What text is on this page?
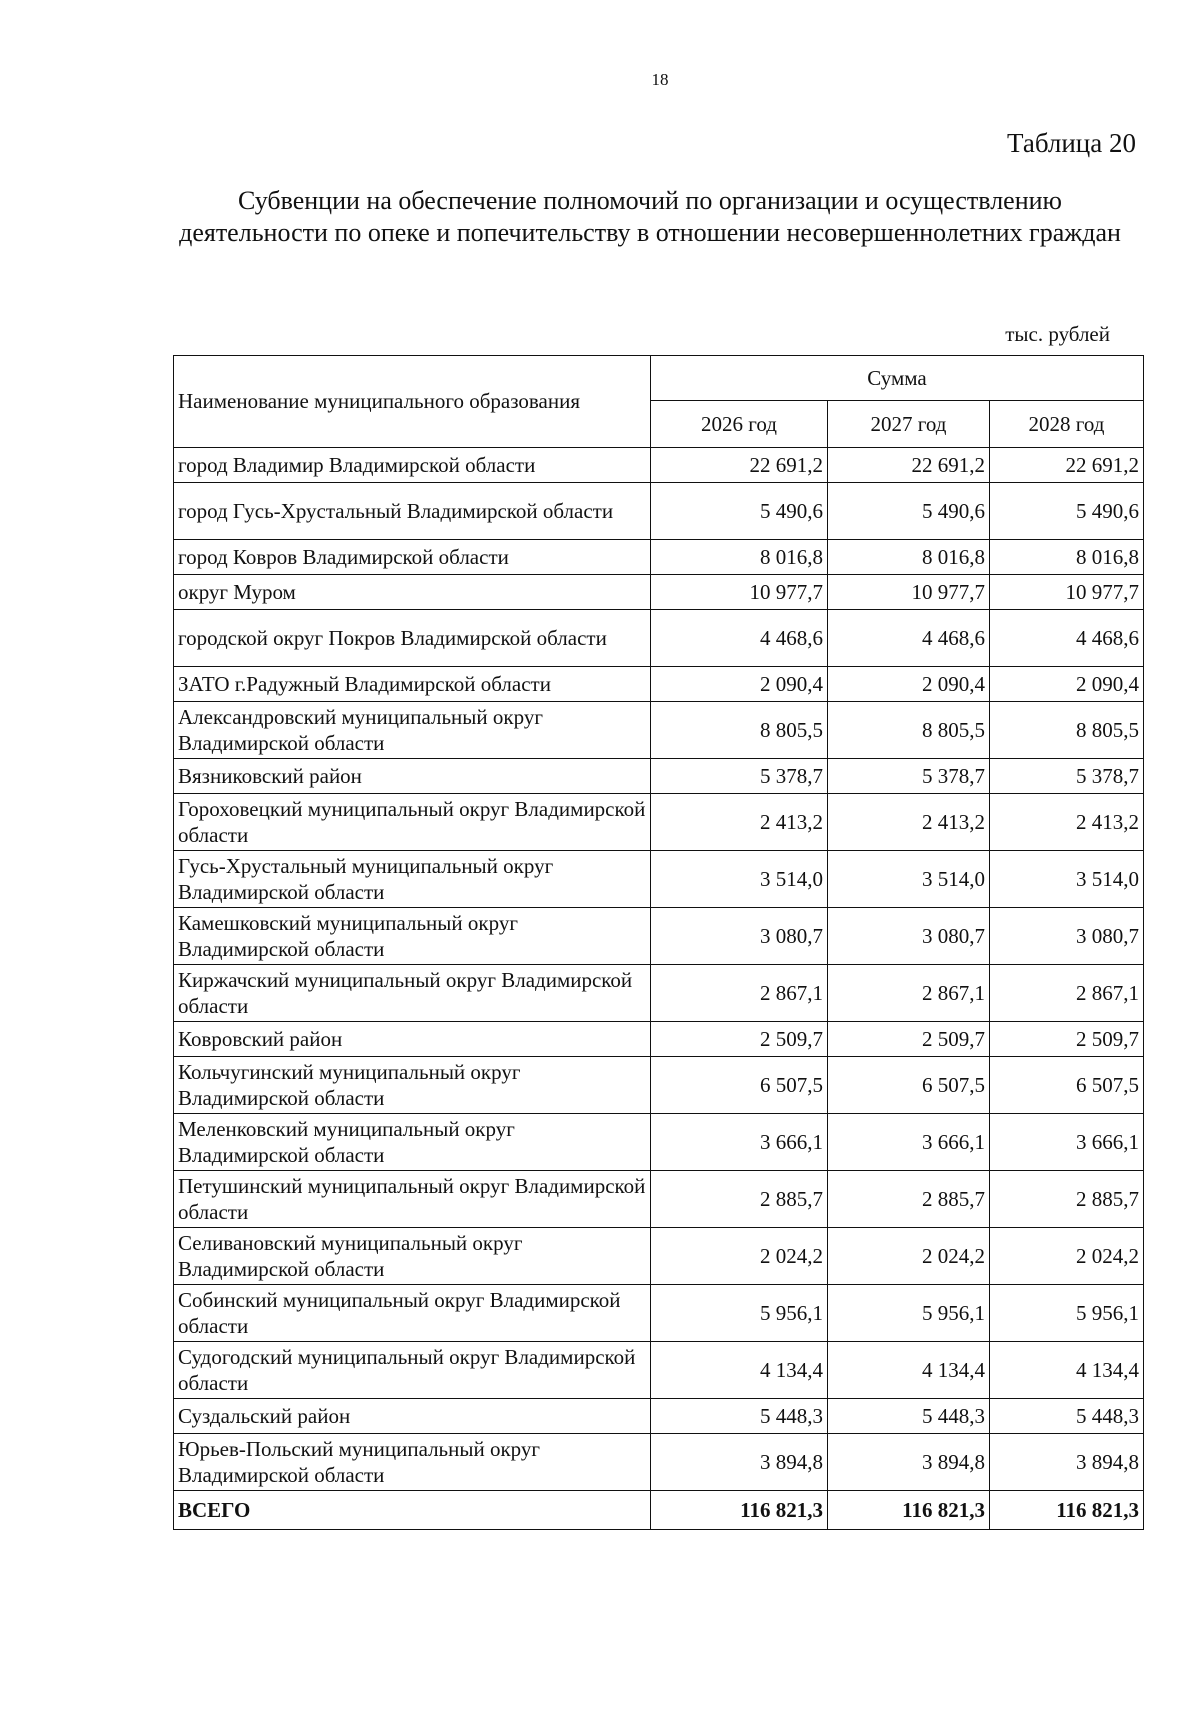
18
Таблица 20
Субвенции на обеспечение полномочий по организации и осуществлению деятельности по опеке и попечительству в отношении несовершеннолетних граждан
тыс. рублей
Наименование муниципального образования	Сумма		
	2026 год	2027 год	2028 год
город Владимир Владимирской области	22 691,2	22 691,2	22 691,2
город Гусь-Хрустальный Владимирской области	5 490,6	5 490,6	5 490,6
город Ковров Владимирской области	8 016,8	8 016,8	8 016,8
округ Муром	10 977,7	10 977,7	10 977,7
городской округ Покров Владимирской области	4 468,6	4 468,6	4 468,6
ЗАТО г.Радужный Владимирской области	2 090,4	2 090,4	2 090,4
Александровский муниципальный округ Владимирской области	8 805,5	8 805,5	8 805,5
Вязниковский район	5 378,7	5 378,7	5 378,7
Гороховецкий муниципальный округ Владимирской области	2 413,2	2 413,2	2 413,2
Гусь-Хрустальный муниципальный округ Владимирской области	3 514,0	3 514,0	3 514,0
Камешковский муниципальный округ Владимирской области	3 080,7	3 080,7	3 080,7
Киржачский муниципальный округ Владимирской области	2 867,1	2 867,1	2 867,1
Ковровский район	2 509,7	2 509,7	2 509,7
Кольчугинский муниципальный округ Владимирской области	6 507,5	6 507,5	6 507,5
Меленковский муниципальный округ Владимирской области	3 666,1	3 666,1	3 666,1
Петушинский муниципальный округ Владимирской области	2 885,7	2 885,7	2 885,7
Селивановский муниципальный округ Владимирской области	2 024,2	2 024,2	2 024,2
Собинский муниципальный округ Владимирской области	5 956,1	5 956,1	5 956,1
Судогодский муниципальный округ Владимирской области	4 134,4	4 134,4	4 134,4
Суздальский район	5 448,3	5 448,3	5 448,3
Юрьев-Польский муниципальный округ Владимирской области	3 894,8	3 894,8	3 894,8
ВСЕГО	116 821,3	116 821,3	116 821,3
